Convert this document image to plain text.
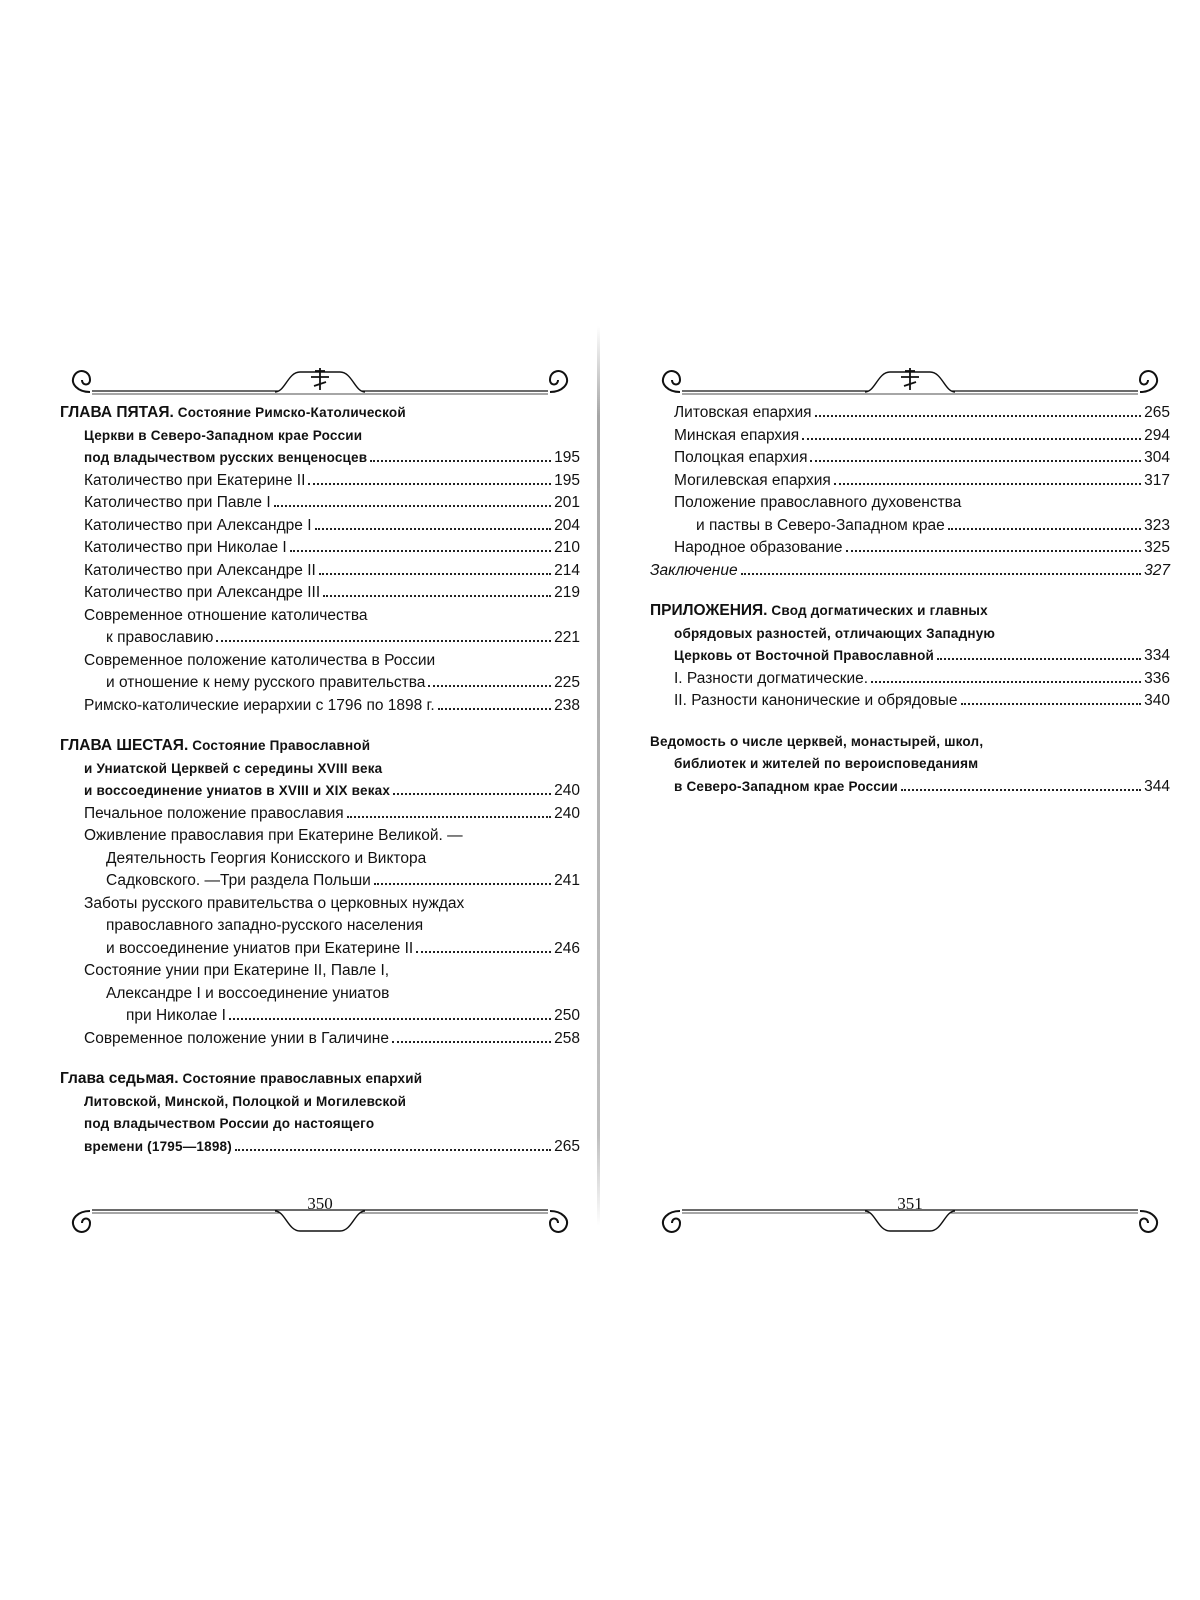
ГЛАВА ПЯТАЯ. Состояние Римско-Католической
Церкви в Северо-Западном крае России
под владычеством русских венценосцев	195
Католичество при Екатерине II	195
Католичество при Павле I	201
Католичество при Александре I	204
Католичество при Николае I	210
Католичество при Александре II	214
Католичество при Александре III	219
Современное отношение католичества
к православию	221
Современное положение католичества в России
и отношение к нему русского правительства	225
Римско-католические иерархии с 1796 по 1898 г.	238
ГЛАВА ШЕСТАЯ. Состояние Православной
и Униатской Церквей с середины XVIII века
и воссоединение униатов в XVIII и XIX веках	240
Печальное положение православия	240
Оживление православия при Екатерине Великой. —
Деятельность Георгия Конисского и Виктора
Садковского. —Три раздела Польши	241
Заботы русского правительства о церковных нуждах
православного западно-русского населения
и воссоединение униатов при Екатерине II	246
Состояние унии при Екатерине II, Павле I,
Александре I и воссоединение униатов
при Николае I	250
Современное положение унии в Галичине	258
Глава седьмая. Состояние православных епархий
Литовской, Минской, Полоцкой и Могилевской
под владычеством России до настоящего
времени (1795—1898)	265
350
Литовская епархия	265
Минская епархия	294
Полоцкая епархия	304
Могилевская епархия	317
Положение православного духовенства
и паствы в Северо-Западном крае	323
Народное образование	325
Заключение	327
ПРИЛОЖЕНИЯ. Свод догматических и главных
обрядовых разностей, отличающих Западную
Церковь от Восточной Православной	334
I. Разности догматические.	336
II. Разности канонические и обрядовые	340
Ведомость о числе церквей, монастырей, школ,
библиотек и жителей по вероисповеданиям
в Северо-Западном крае России	344
351
